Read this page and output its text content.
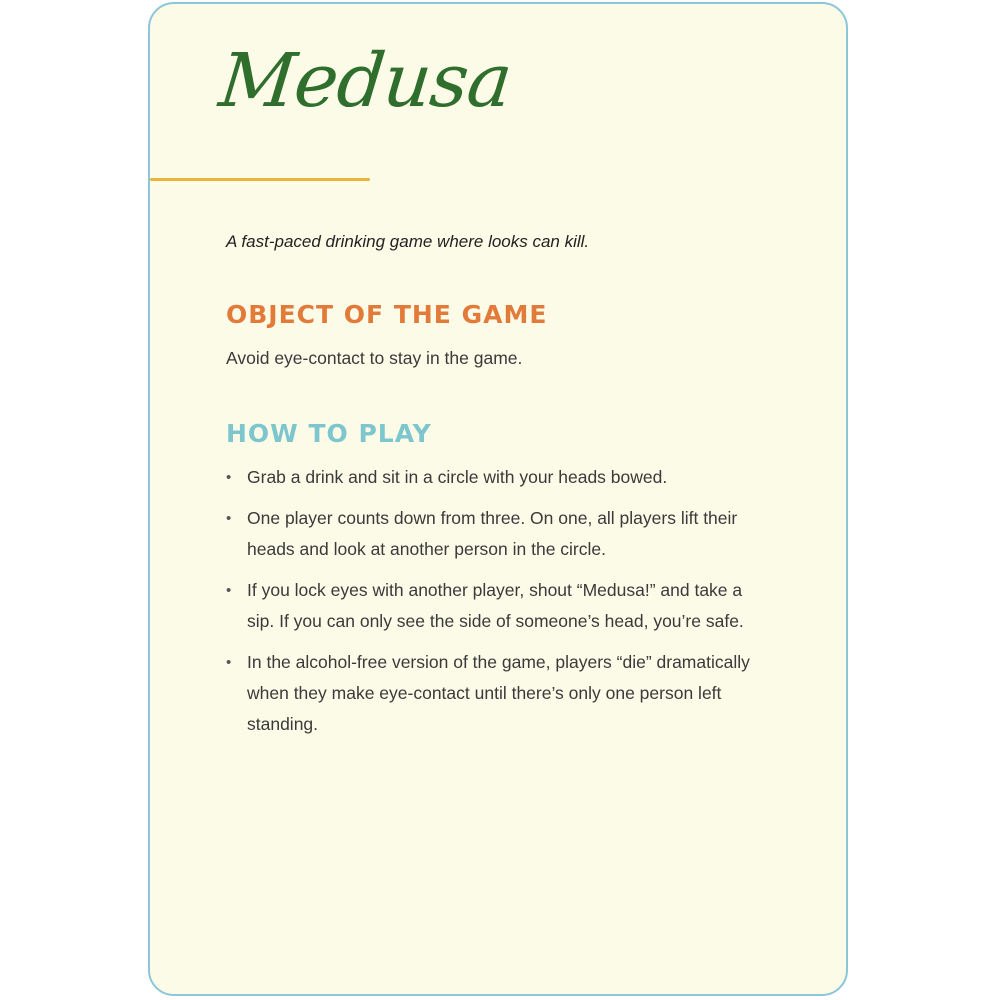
Medusa

A fast-paced drinking game where looks can kill.

OBJECT OF THE GAME

Avoid eye-contact to stay in the game.

HOW TO PLAY
• Grab a drink and sit in a circle with your heads bowed.
• One player counts down from three. On one, all players lift their heads and look at another person in the circle.
• If you lock eyes with another player, shout “Medusa!” and take a sip. If you can only see the side of someone’s head, you’re safe.
• In the alcohol-free version of the game, players “die” dramatically when they make eye-contact until there’s only one person left standing.
